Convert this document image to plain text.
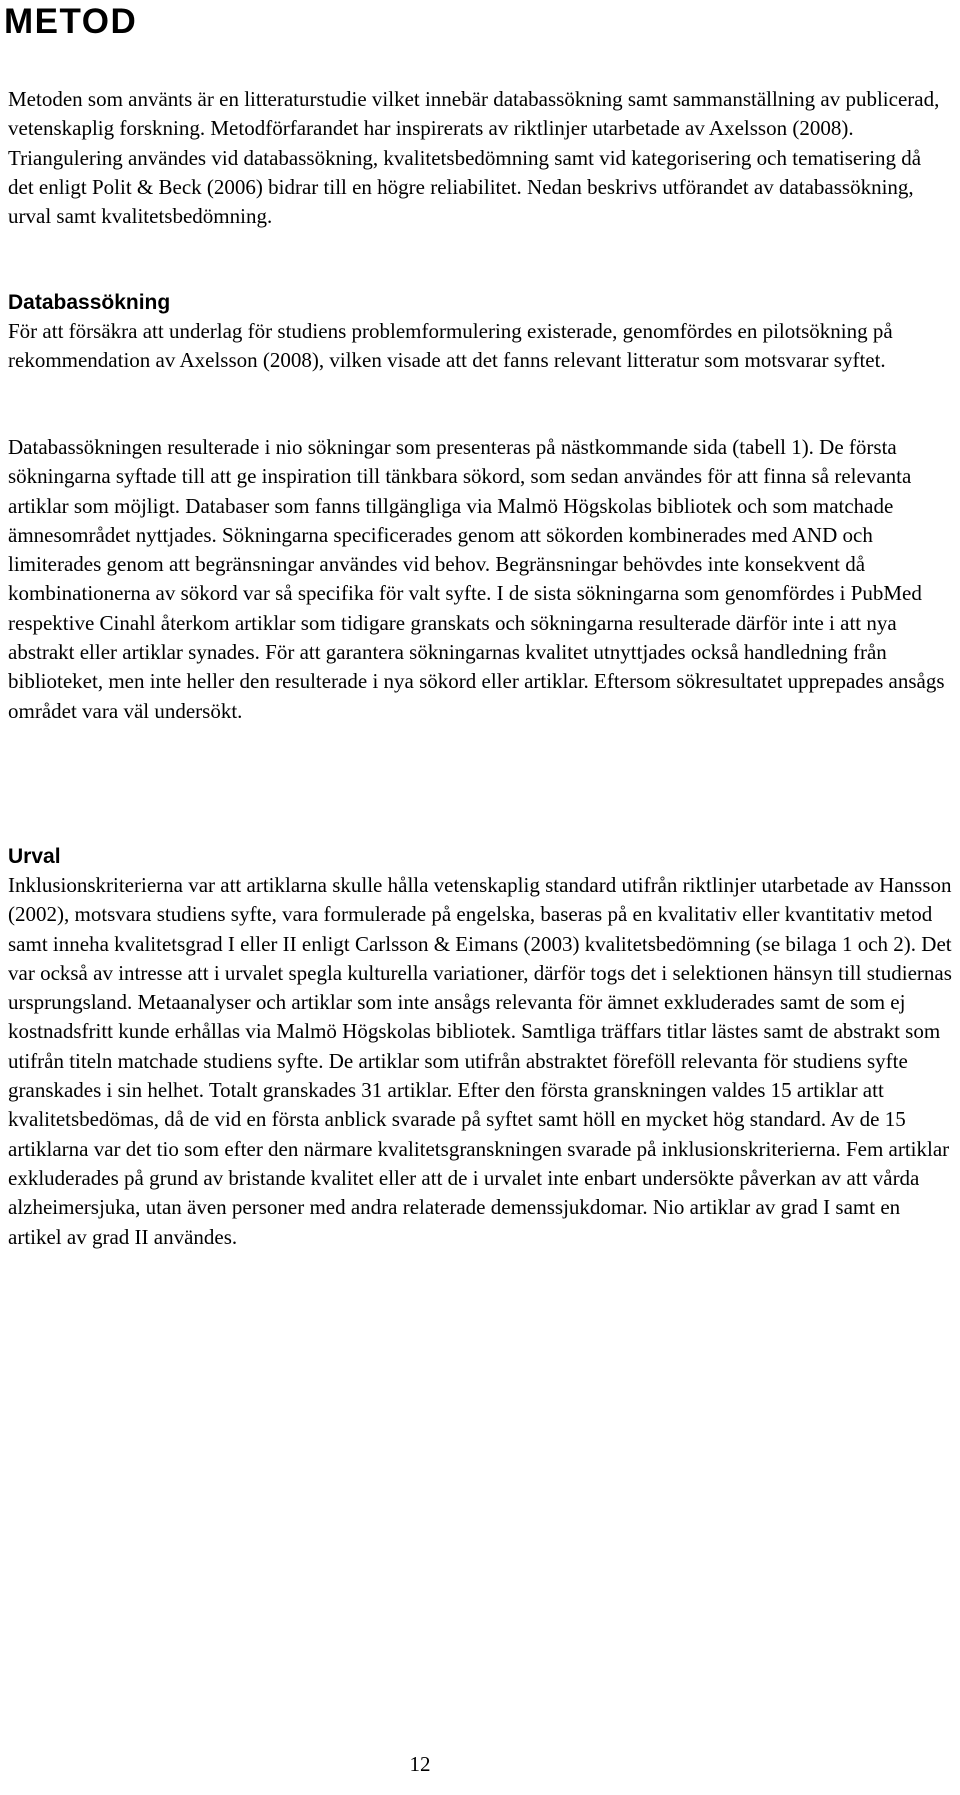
METOD

Metoden som använts är en litteraturstudie vilket innebär databassökning samt sammanställning av publicerad, vetenskaplig forskning. Metodförfarandet har inspirerats av riktlinjer utarbetade av Axelsson (2008). Triangulering användes vid databassökning, kvalitetsbedömning samt vid kategorisering och tematisering då det enligt Polit & Beck (2006) bidrar till en högre reliabilitet. Nedan beskrivs utförandet av databassökning, urval samt kvalitetsbedömning.

Databassökning

För att försäkra att underlag för studiens problemformulering existerade, genomfördes en pilotsökning på rekommendation av Axelsson (2008), vilken visade att det fanns relevant litteratur som motsvarar syftet.

Databassökningen resulterade i nio sökningar som presenteras på nästkommande sida (tabell 1). De första sökningarna syftade till att ge inspiration till tänkbara sökord, som sedan användes för att finna så relevanta artiklar som möjligt. Databaser som fanns tillgängliga via Malmö Högskolas bibliotek och som matchade ämnesområdet nyttjades. Sökningarna specificerades genom att sökorden kombinerades med AND och limiterades genom att begränsningar användes vid behov. Begränsningar behövdes inte konsekvent då kombinationerna av sökord var så specifika för valt syfte. I de sista sökningarna som genomfördes i PubMed respektive Cinahl återkom artiklar som tidigare granskats och sökningarna resulterade därför inte i att nya abstrakt eller artiklar synades. För att garantera sökningarnas kvalitet utnyttjades också handledning från biblioteket, men inte heller den resulterade i nya sökord eller artiklar. Eftersom sökresultatet upprepades ansågs området vara väl undersökt.

Urval

Inklusionskriterierna var att artiklarna skulle hålla vetenskaplig standard utifrån riktlinjer utarbetade av Hansson (2002), motsvara studiens syfte, vara formulerade på engelska, baseras på en kvalitativ eller kvantitativ metod samt inneha kvalitetsgrad I eller II enligt Carlsson & Eimans (2003) kvalitetsbedömning (se bilaga 1 och 2). Det var också av intresse att i urvalet spegla kulturella variationer, därför togs det i selektionen hänsyn till studiernas ursprungsland. Metaanalyser och artiklar som inte ansågs relevanta för ämnet exkluderades samt de som ej kostnadsfritt kunde erhållas via Malmö Högskolas bibliotek. Samtliga träffars titlar lästes samt de abstrakt som utifrån titeln matchade studiens syfte. De artiklar som utifrån abstraktet föreföll relevanta för studiens syfte granskades i sin helhet. Totalt granskades 31 artiklar. Efter den första granskningen valdes 15 artiklar att kvalitetsbedömas, då de vid en första anblick svarade på syftet samt höll en mycket hög standard. Av de 15 artiklarna var det tio som efter den närmare kvalitetsgranskningen svarade på inklusionskriterierna. Fem artiklar exkluderades på grund av bristande kvalitet eller att de i urvalet inte enbart undersökte påverkan av att vårda alzheimersjuka, utan även personer med andra relaterade demenssjukdomar. Nio artiklar av grad I samt en artikel av grad II användes.

12
